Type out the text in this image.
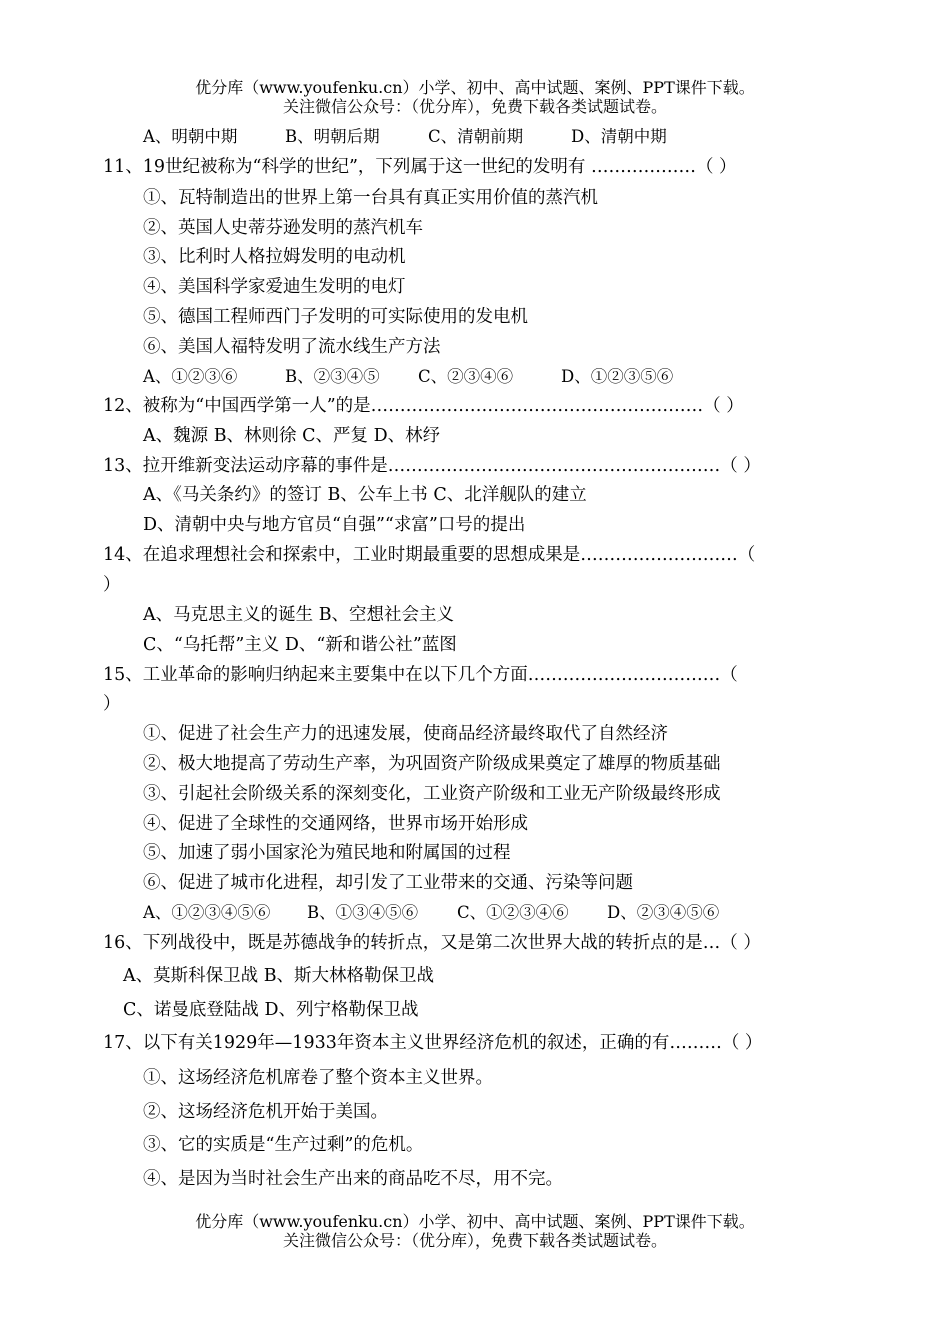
优分库（www.youfenku.cn）小学、初中、高中试题、案例、PPT课件下载。
关注微信公众号：（优分库），免费下载各类试题试卷。
A、明朝中期	B、明朝后期	C、清朝前期	D、清朝中期
11、19世纪被称为“科学的世纪”，下列属于这一世纪的发明有 ………………（ ）
①、瓦特制造出的世界上第一台具有真正实用价值的蒸汽机
②、英国人史蒂芬逊发明的蒸汽机车
③、比利时人格拉姆发明的电动机
④、美国科学家爱迪生发明的电灯
⑤、德国工程师西门子发明的可实际使用的发电机
⑥、美国人福特发明了流水线生产方法
A、①②③⑥	B、②③④⑤ C、②③④⑥	D、①②③⑤⑥
12、被称为“中国西学第一人”的是…………………………………………………（ ）
A、魏源 B、林则徐 C、严复 D、林纾
13、拉开维新变法运动序幕的事件是…………………………………………………（ ）
A、《马关条约》的签订 B、公车上书 C、北洋舰队的建立
D、清朝中央与地方官员“自强”“求富”口号的提出
14、在追求理想社会和探索中，工业时期最重要的思想成果是………………………（
）
A、马克思主义的诞生 B、空想社会主义
C、“乌托帮”主义 D、“新和谐公社”蓝图
15、工业革命的影响归纳起来主要集中在以下几个方面……………………………（
）
①、促进了社会生产力的迅速发展，使商品经济最终取代了自然经济
②、极大地提高了劳动生产率，为巩固资产阶级成果奠定了雄厚的物质基础
③、引起社会阶级关系的深刻变化，工业资产阶级和工业无产阶级最终形成
④、促进了全球性的交通网络，世界市场开始形成
⑤、加速了弱小国家沦为殖民地和附属国的过程
⑥、促进了城市化进程，却引发了工业带来的交通、污染等问题
A、①②③④⑤⑥ B、①③④⑤⑥ C、①②③④⑥ D、②③④⑤⑥
16、下列战役中，既是苏德战争的转折点，又是第二次世界大战的转折点的是…（ ）
A、莫斯科保卫战 B、斯大林格勒保卫战
C、诺曼底登陆战 D、列宁格勒保卫战
17、以下有关1929年—1933年资本主义世界经济危机的叙述，正确的有………（ ）
①、这场经济危机席卷了整个资本主义世界。
②、这场经济危机开始于美国。
③、它的实质是“生产过剩”的危机。
④、是因为当时社会生产出来的商品吃不尽，用不完。
优分库（www.youfenku.cn）小学、初中、高中试题、案例、PPT课件下载。
关注微信公众号：（优分库），免费下载各类试题试卷。
